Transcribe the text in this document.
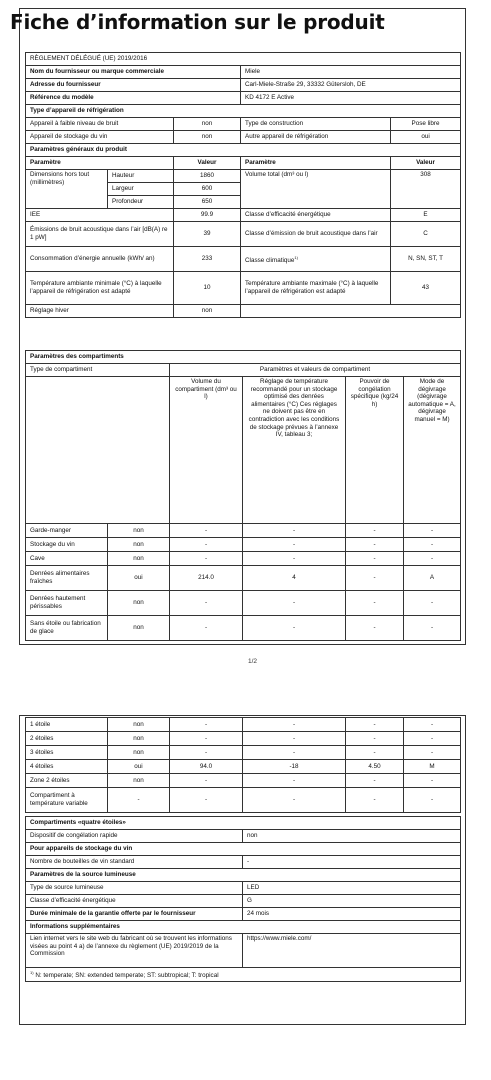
Fiche d’information sur le produit
RÈGLEMENT DÉLÉGUÉ (UE) 2019/2016				
Nom du fournisseur ou marque commerciale			Miele	
Adresse du fournisseur			Carl-Miele-Straße 29, 33332 Gütersloh, DE	
Référence du modèle			KD 4172 E Active	
Type d’appareil de réfrigération				
Appareil à faible niveau de bruit		non	Type de construction	Pose libre
Appareil de stockage du vin		non	Autre appareil de réfrigération	oui
Paramètres généraux du produit				
Paramètre		Valeur	Paramètre	Valeur
Dimensions hors tout (millimètres)	Hauteur	1860	Volume total (dm³ ou l)	308
	Largeur	600		
	Profondeur	650		
IEE		99.9	Classe d’efficacité énergétique	E
Émissions de bruit acoustique dans l’air [dB(A) re 1 pW]		39	Classe d’émission de bruit acoustique dans l’air	C
Consommation d’énergie annuelle (kWh/ an)		233	Classe climatique$^{1)}$	N, SN, ST, T
Température ambiante minimale (°C) à laquelle l’appareil de réfrigération est adapté		10	Température ambiante maximale (°C) à laquelle l’appareil de réfrigération est adapté	43
Réglage hiver		non		
Paramètres des compartiments					
Type de compartiment		Paramètres et valeurs de compartiment			
		Volume du compartiment (dm³ ou l)	Réglage de température recommandé pour un stockage optimisé des denrées alimentaires (°C) Ces réglages ne doivent pas être en contradiction avec les conditions de stockage prévues à l’annexe IV, tableau 3;	Pouvoir de congélation spécifique (kg/24 h)	Mode de dégivrage (dégivrage automatique = A, dégivrage manuel = M)
Garde-manger	non	-	-	-	-
Stockage du vin	non	-	-	-	-
Cave	non	-	-	-	-
Denrées alimentaires fraîches	oui	214.0	4	-	A
Denrées hautement périssables	non	-	-	-	-
Sans étoile ou fabrication de glace	non	-	-	-	-
1/2
1 étoile	non	-	-	-	-
2 étoiles	non	-	-	-	-
3 étoiles	non	-	-	-	-
4 étoiles	oui	94.0	-18	4.50	M
Zone 2 étoiles	non	-	-	-	-
Compartiment à température variable	-	-	-	-	-
Compartiments «quatre étoiles»	
Dispositif de congélation rapide	non
Pour appareils de stockage du vin	
Nombre de bouteilles de vin standard	-
Paramètres de la source lumineuse	
Type de source lumineuse	LED
Classe d’efficacité énergétique	G
Durée minimale de la garantie offerte par le fournisseur	24 mois
Informations supplémentaires	
Lien internet vers le site web du fabricant où se trouvent les informations visées au point 4 a) de l’annexe du règlement (UE) 2019/2019 de la Commission	https://www.miele.com/
$^{1)}$ N: temperate; SN: extended temperate; ST: subtropical; T: tropical	
